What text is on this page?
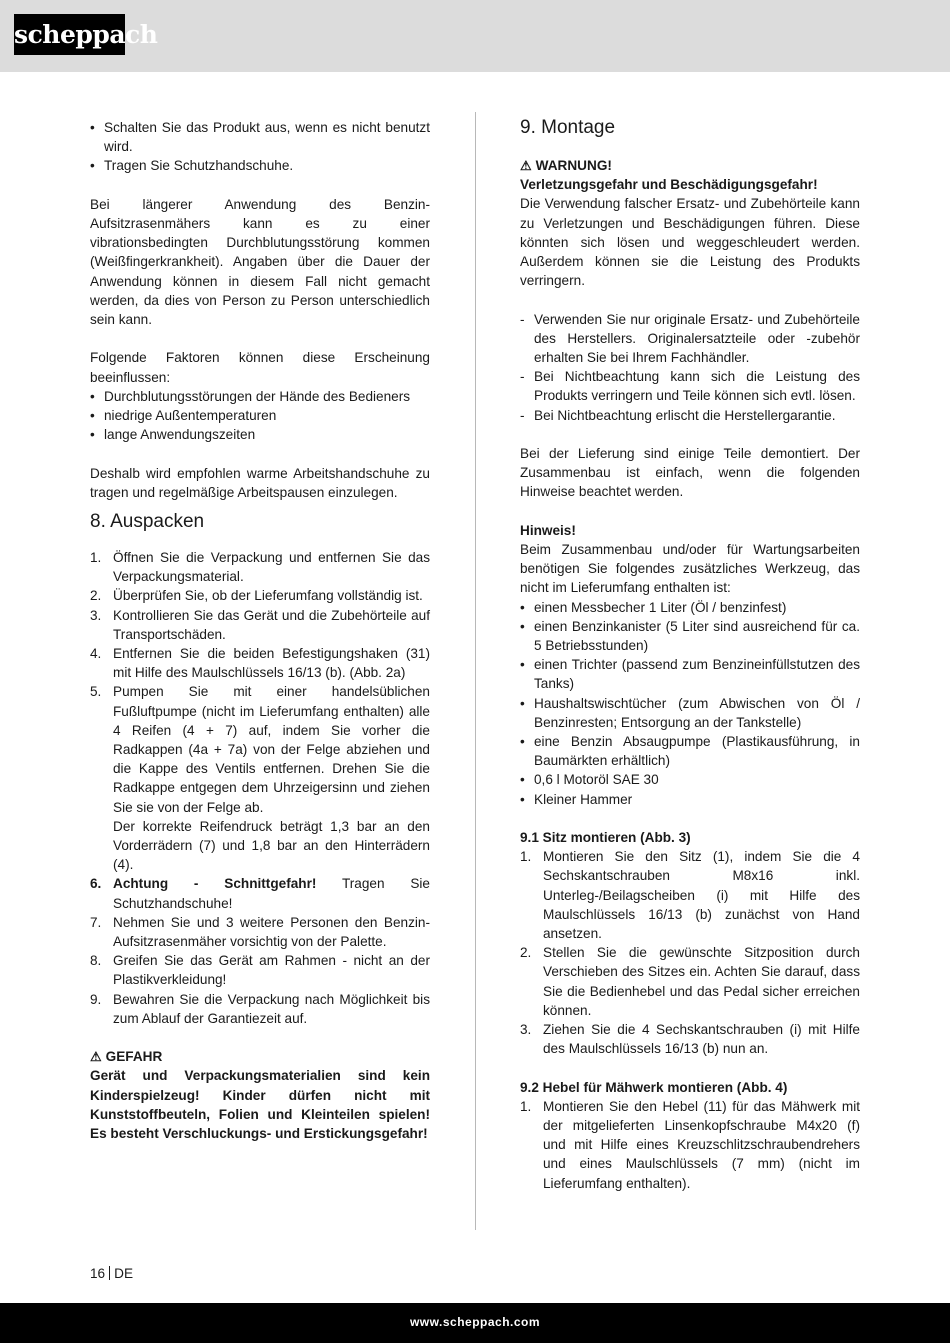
scheppach
• Schalten Sie das Produkt aus, wenn es nicht benutzt wird.
• Tragen Sie Schutzhandschuhe.

Bei längerer Anwendung des Benzin-Aufsitzrasenmähers kann es zu einer vibrationsbedingten Durchblutungsstörung kommen (Weißfingerkrankheit). Angaben über die Dauer der Anwendung können in diesem Fall nicht gemacht werden, da dies von Person zu Person unterschiedlich sein kann.

Folgende Faktoren können diese Erscheinung beeinflussen:

• Durchblutungsstörungen der Hände des Bedieners
• niedrige Außentemperaturen
• lange Anwendungszeiten

Deshalb wird empfohlen warme Arbeitshandschuhe zu tragen und regelmäßige Arbeitspausen einzulegen.

8. Auspacken
1. Öffnen Sie die Verpackung und entfernen Sie das Verpackungsmaterial.
2. Überprüfen Sie, ob der Lieferumfang vollständig ist.
3. Kontrollieren Sie das Gerät und die Zubehörteile auf Transportschäden.
4. Entfernen Sie die beiden Befestigungshaken (31) mit Hilfe des Maulschlüssels 16/13 (b). (Abb. 2a)
5. Pumpen Sie mit einer handelsüblichen Fußluftpumpe (nicht im Lieferumfang enthalten) alle 4 Reifen (4 + 7) auf, indem Sie vorher die Radkappen (4a + 7a) von der Felge abziehen und die Kappe des Ventils entfernen. Drehen Sie die Radkappe entgegen dem Uhrzeigersinn und ziehen Sie sie von der Felge ab.
Der korrekte Reifendruck beträgt 1,3 bar an den Vorderrädern (7) und 1,8 bar an den Hinterrädern (4).
6. Achtung - Schnittgefahr! Tragen Sie Schutzhandschuhe!
7. Nehmen Sie und 3 weitere Personen den Benzin-Aufsitzrasenmäher vorsichtig von der Palette.
8. Greifen Sie das Gerät am Rahmen - nicht an der Plastikverkleidung!
9. Bewahren Sie die Verpackung nach Möglichkeit bis zum Ablauf der Garantiezeit auf.
⚠ GEFAHR

Gerät und Verpackungsmaterialien sind kein Kinderspielzeug! Kinder dürfen nicht mit Kunststoffbeuteln, Folien und Kleinteilen spielen! Es besteht Verschluckungs- und Erstickungsgefahr!

9. Montage
⚠ WARNUNG!

Verletzungsgefahr und Beschädigungsgefahr!

Die Verwendung falscher Ersatz- und Zubehörteile kann zu Verletzungen und Beschädigungen führen. Diese könnten sich lösen und weggeschleudert werden. Außerdem können sie die Leistung des Produkts verringern.

- Verwenden Sie nur originale Ersatz- und Zubehörteile des Herstellers. Originalersatzteile oder -zubehör erhalten Sie bei Ihrem Fachhändler.
- Bei Nichtbeachtung kann sich die Leistung des Produkts verringern und Teile können sich evtl. lösen.
- Bei Nichtbeachtung erlischt die Herstellergarantie.

Bei der Lieferung sind einige Teile demontiert. Der Zusammenbau ist einfach, wenn die folgenden Hinweise beachtet werden.

Hinweis!

Beim Zusammenbau und/oder für Wartungsarbeiten benötigen Sie folgendes zusätzliches Werkzeug, das nicht im Lieferumfang enthalten ist:

• einen Messbecher 1 Liter (Öl / benzinfest)
• einen Benzinkanister (5 Liter sind ausreichend für ca. 5 Betriebsstunden)
• einen Trichter (passend zum Benzineinfüllstutzen des Tanks)
• Haushaltswischtücher (zum Abwischen von Öl / Benzinresten; Entsorgung an der Tankstelle)
• eine Benzin Absaugpumpe (Plastikausführung, in Baumärkten erhältlich)
• 0,6 l Motoröl SAE 30
• Kleiner Hammer
9.1 Sitz montieren (Abb. 3)
1. Montieren Sie den Sitz (1), indem Sie die 4 Sechskantschrauben M8x16 inkl. Unterleg-/Beilagscheiben (i) mit Hilfe des Maulschlüssels 16/13 (b) zunächst von Hand ansetzen.
2. Stellen Sie die gewünschte Sitzposition durch Verschieben des Sitzes ein. Achten Sie darauf, dass Sie die Bedienhebel und das Pedal sicher erreichen können.
3. Ziehen Sie die 4 Sechskantschrauben (i) mit Hilfe des Maulschlüssels 16/13 (b) nun an.
9.2 Hebel für Mähwerk montieren (Abb. 4)
1. Montieren Sie den Hebel (11) für das Mähwerk mit der mitgelieferten Linsenkopfschraube M4x20 (f) und mit Hilfe eines Kreuzschlitzschraubendrehers und eines Maulschlüssels (7 mm) (nicht im Lieferumfang enthalten).
16 DE
www.scheppach.com
